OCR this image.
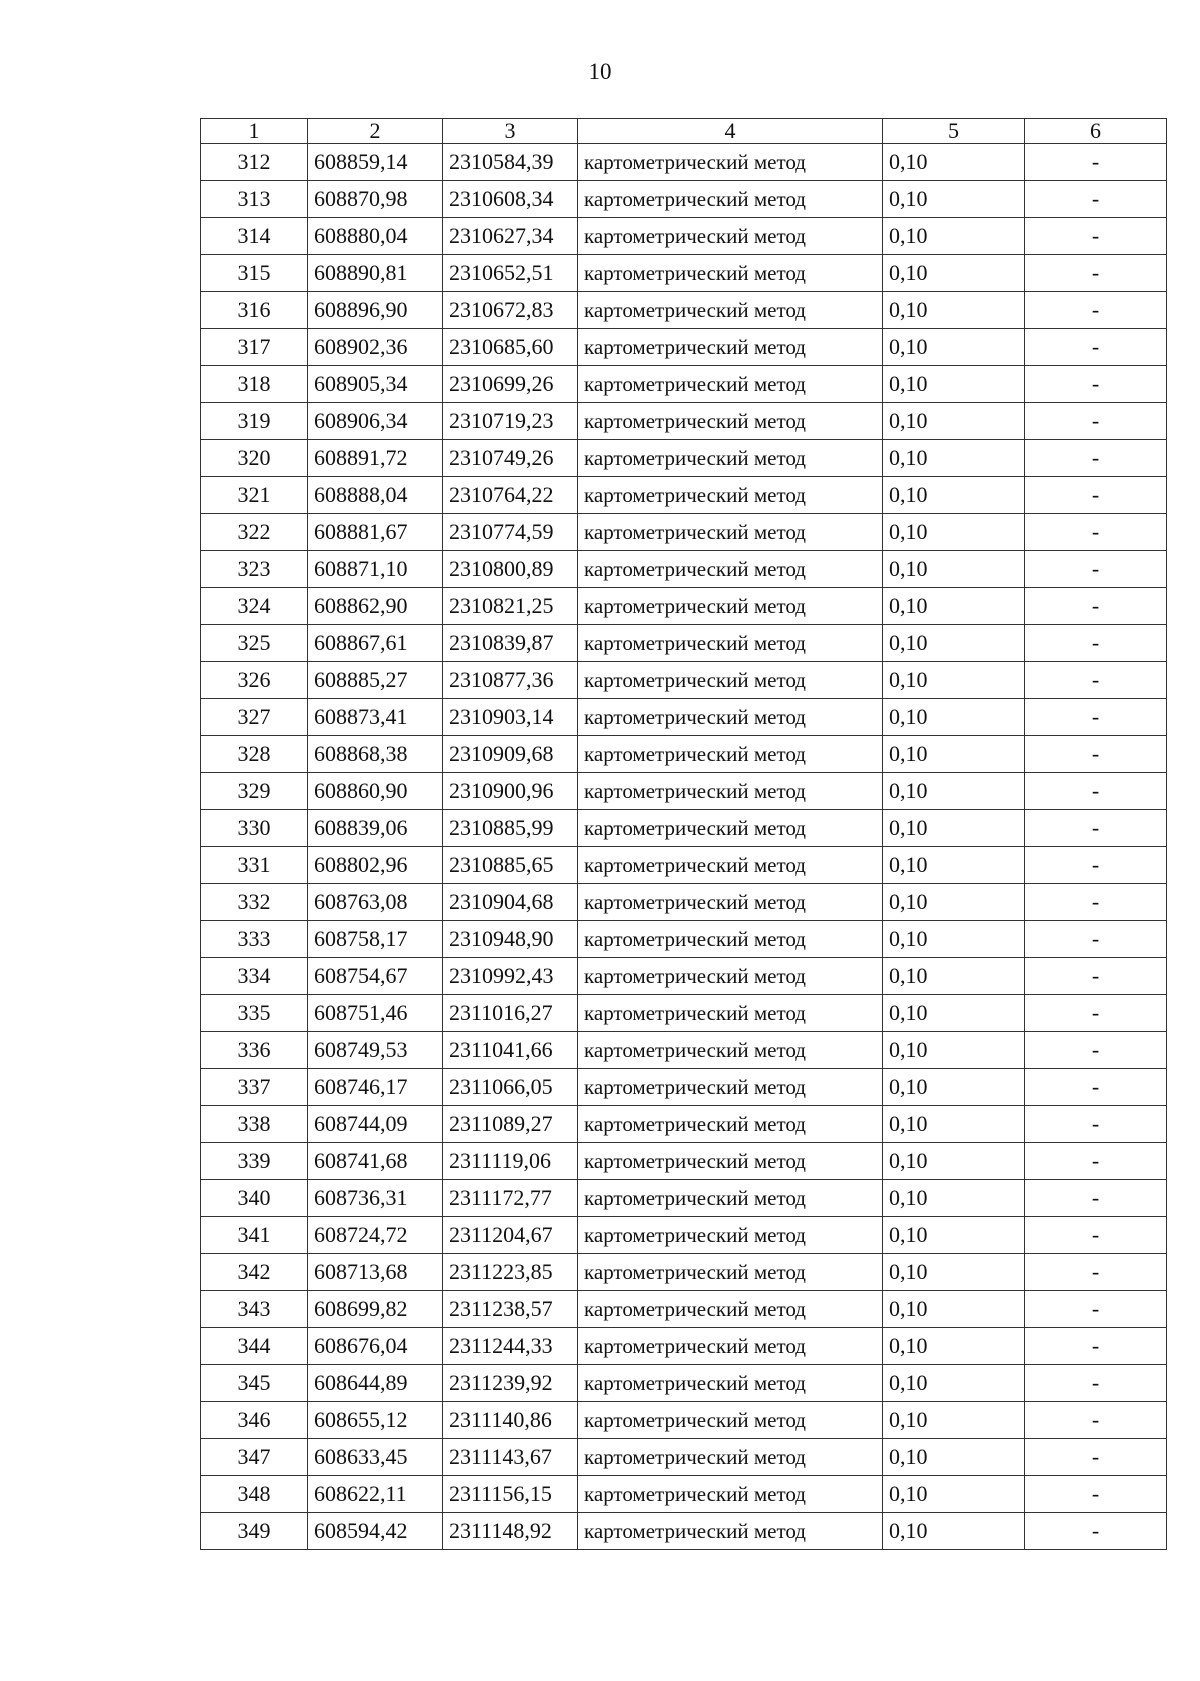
10
1	2	3	4	5	6
312	608859,14	2310584,39	картометрический метод	0,10	-
313	608870,98	2310608,34	картометрический метод	0,10	-
314	608880,04	2310627,34	картометрический метод	0,10	-
315	608890,81	2310652,51	картометрический метод	0,10	-
316	608896,90	2310672,83	картометрический метод	0,10	-
317	608902,36	2310685,60	картометрический метод	0,10	-
318	608905,34	2310699,26	картометрический метод	0,10	-
319	608906,34	2310719,23	картометрический метод	0,10	-
320	608891,72	2310749,26	картометрический метод	0,10	-
321	608888,04	2310764,22	картометрический метод	0,10	-
322	608881,67	2310774,59	картометрический метод	0,10	-
323	608871,10	2310800,89	картометрический метод	0,10	-
324	608862,90	2310821,25	картометрический метод	0,10	-
325	608867,61	2310839,87	картометрический метод	0,10	-
326	608885,27	2310877,36	картометрический метод	0,10	-
327	608873,41	2310903,14	картометрический метод	0,10	-
328	608868,38	2310909,68	картометрический метод	0,10	-
329	608860,90	2310900,96	картометрический метод	0,10	-
330	608839,06	2310885,99	картометрический метод	0,10	-
331	608802,96	2310885,65	картометрический метод	0,10	-
332	608763,08	2310904,68	картометрический метод	0,10	-
333	608758,17	2310948,90	картометрический метод	0,10	-
334	608754,67	2310992,43	картометрический метод	0,10	-
335	608751,46	2311016,27	картометрический метод	0,10	-
336	608749,53	2311041,66	картометрический метод	0,10	-
337	608746,17	2311066,05	картометрический метод	0,10	-
338	608744,09	2311089,27	картометрический метод	0,10	-
339	608741,68	2311119,06	картометрический метод	0,10	-
340	608736,31	2311172,77	картометрический метод	0,10	-
341	608724,72	2311204,67	картометрический метод	0,10	-
342	608713,68	2311223,85	картометрический метод	0,10	-
343	608699,82	2311238,57	картометрический метод	0,10	-
344	608676,04	2311244,33	картометрический метод	0,10	-
345	608644,89	2311239,92	картометрический метод	0,10	-
346	608655,12	2311140,86	картометрический метод	0,10	-
347	608633,45	2311143,67	картометрический метод	0,10	-
348	608622,11	2311156,15	картометрический метод	0,10	-
349	608594,42	2311148,92	картометрический метод	0,10	-
